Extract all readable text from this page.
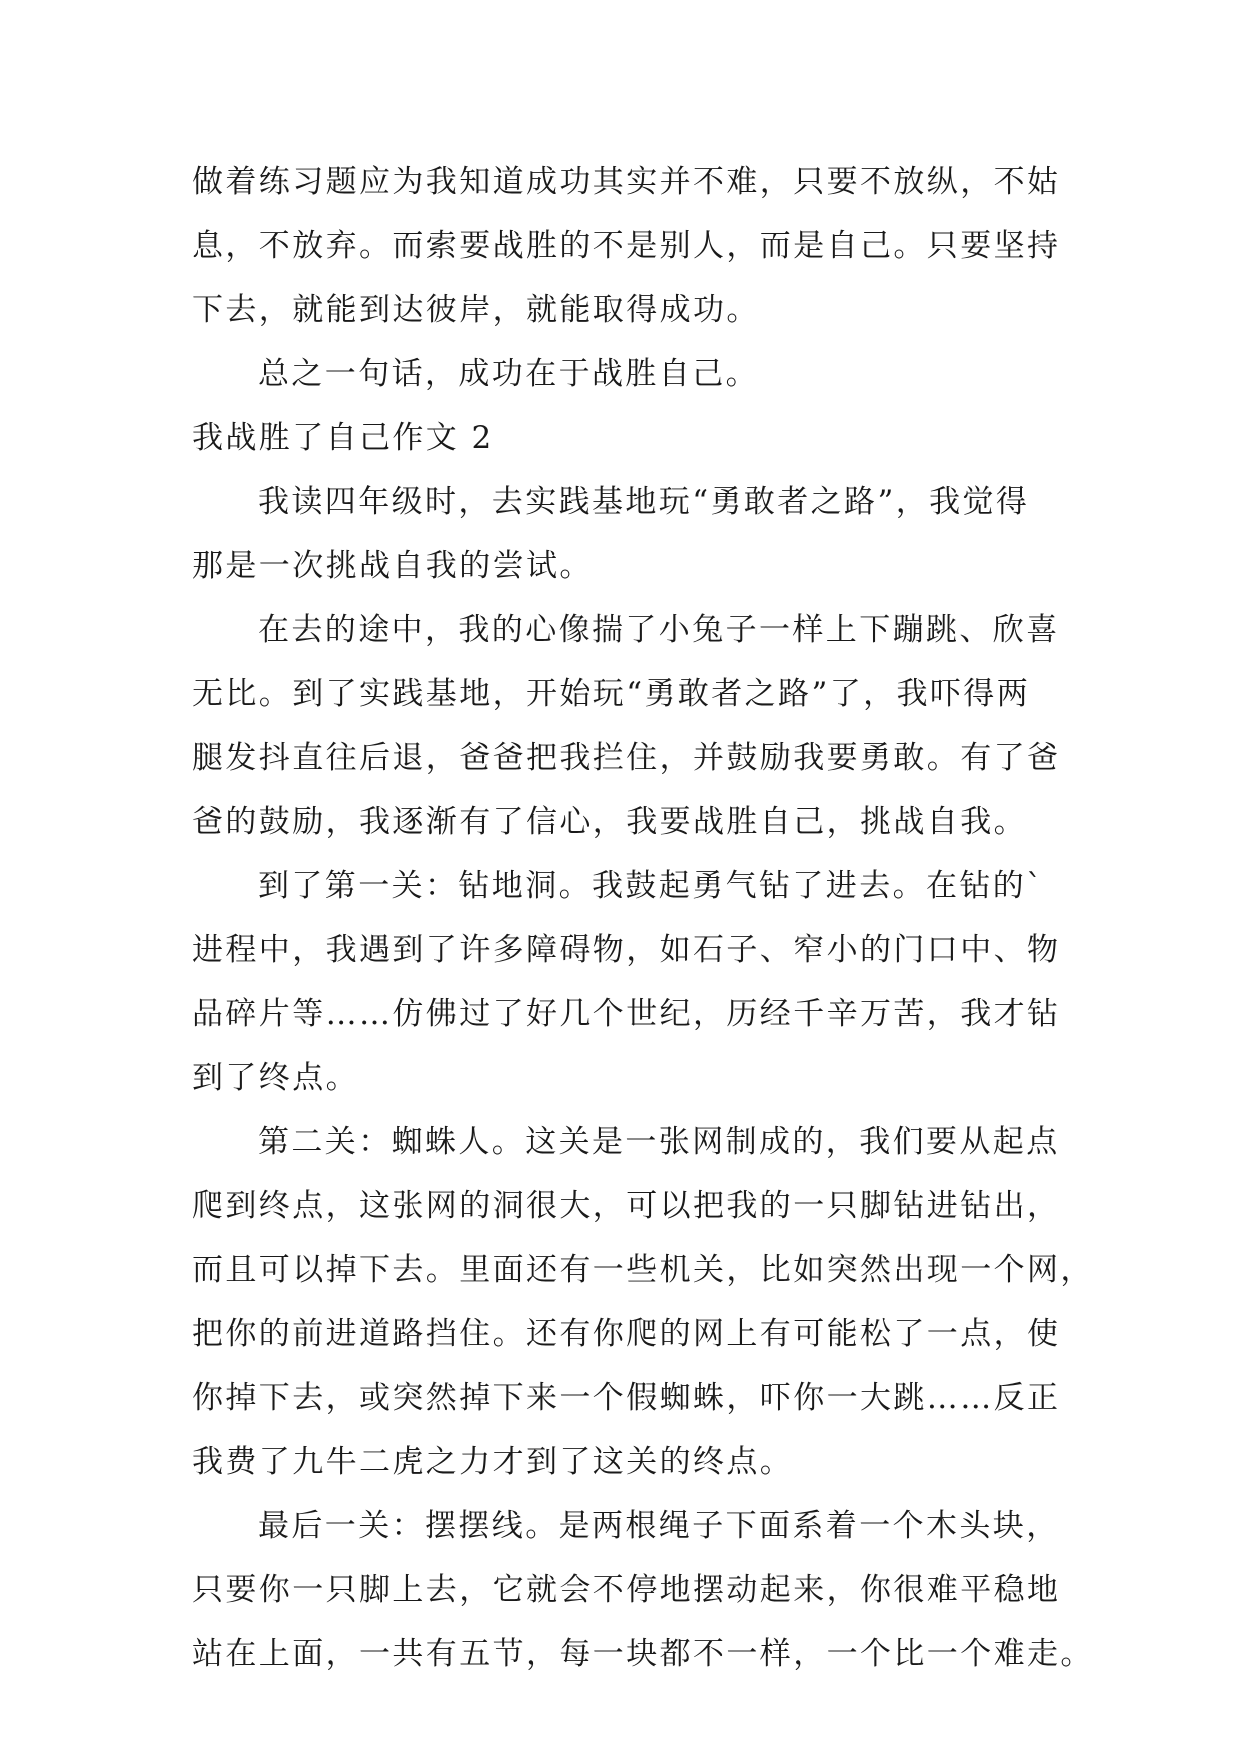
做着练习题应为我知道成功其实并不难，只要不放纵，不姑
息，不放弃。而索要战胜的不是别人，而是自己。只要坚持
下去，就能到达彼岸，就能取得成功。
总之一句话，成功在于战胜自己。
我战胜了自己作文 2
我读四年级时，去实践基地玩“勇敢者之路”，我觉得
那是一次挑战自我的尝试。
在去的途中，我的心像揣了小兔子一样上下蹦跳、欣喜
无比。到了实践基地，开始玩“勇敢者之路”了，我吓得两
腿发抖直往后退，爸爸把我拦住，并鼓励我要勇敢。有了爸
爸的鼓励，我逐渐有了信心，我要战胜自己，挑战自我。
到了第一关：钻地洞。我鼓起勇气钻了进去。在钻的`
进程中，我遇到了许多障碍物，如石子、窄小的门口中、物
品碎片等……仿佛过了好几个世纪，历经千辛万苦，我才钻
到了终点。
第二关：蜘蛛人。这关是一张网制成的，我们要从起点
爬到终点，这张网的洞很大，可以把我的一只脚钻进钻出，
而且可以掉下去。里面还有一些机关，比如突然出现一个网，
把你的前进道路挡住。还有你爬的网上有可能松了一点，使
你掉下去，或突然掉下来一个假蜘蛛，吓你一大跳……反正
我费了九牛二虎之力才到了这关的终点。
最后一关：摆摆线。是两根绳子下面系着一个木头块，
只要你一只脚上去，它就会不停地摆动起来，你很难平稳地
站在上面，一共有五节，每一块都不一样，一个比一个难走。
